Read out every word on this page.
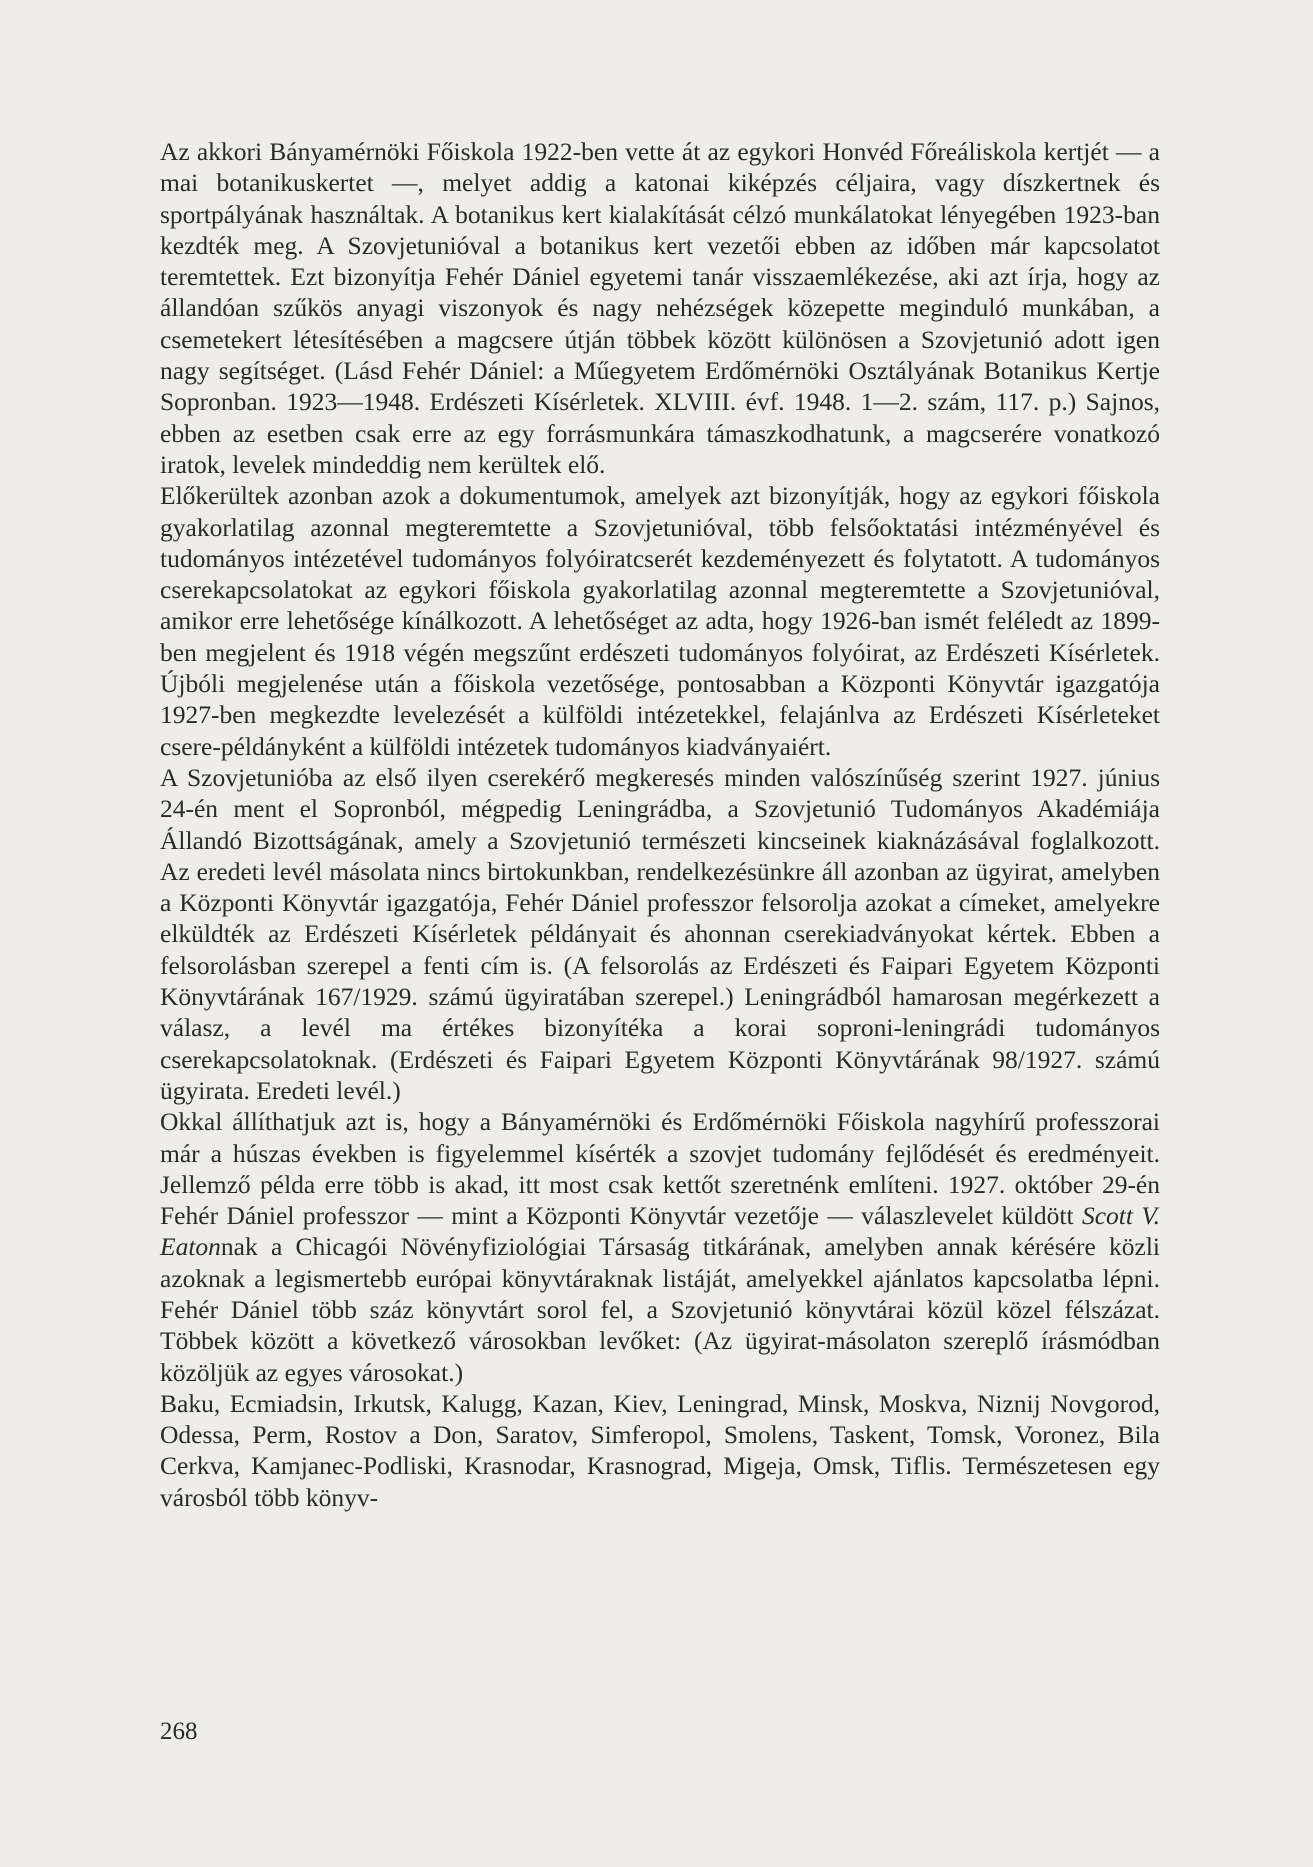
Az akkori Bányamérnöki Főiskola 1922-ben vette át az egykori Honvéd Főreáliskola kertjét — a mai botanikuskertet —, melyet addig a katonai kiképzés céljaira, vagy díszkertnek és sportpályának használtak. A botanikus kert kialakítását célzó munkálatokat lényegében 1923-ban kezdték meg. A Szovjetunióval a botanikus kert vezetői ebben az időben már kapcsolatot teremtettek. Ezt bizonyítja Fehér Dániel egyetemi tanár visszaemlékezése, aki azt írja, hogy az állandóan szűkös anyagi viszonyok és nagy nehézségek közepette meginduló munkában, a csemetekert létesítésében a magcsere útján többek között különösen a Szovjetunió adott igen nagy segítséget. (Lásd Fehér Dániel: a Műegyetem Erdőmérnöki Osztályának Botanikus Kertje Sopronban. 1923—1948. Erdészeti Kísérletek. XLVIII. évf. 1948. 1—2. szám, 117. p.) Sajnos, ebben az esetben csak erre az egy forrásmunkára támaszkodhatunk, a magcserére vonatkozó iratok, levelek mindeddig nem kerültek elő.

Előkerültek azonban azok a dokumentumok, amelyek azt bizonyítják, hogy az egykori főiskola gyakorlatilag azonnal megteremtette a Szovjetunióval, több felsőoktatási intézményével és tudományos intézetével tudományos folyóiratcserét kezdeményezett és folytatott. A tudományos cserekapcsolatokat az egykori főiskola gyakorlatilag azonnal megteremtette a Szovjetunióval, amikor erre lehetősége kínálkozott. A lehetőséget az adta, hogy 1926-ban ismét feléledt az 1899-ben megjelent és 1918 végén megszűnt erdészeti tudományos folyóirat, az Erdészeti Kísérletek. Újbóli megjelenése után a főiskola vezetősége, pontosabban a Központi Könyvtár igazgatója 1927-ben megkezdte levelezését a külföldi intézetekkel, felajánlva az Erdészeti Kísérleteket csere-példányként a külföldi intézetek tudományos kiadványaiért.

A Szovjetunióba az első ilyen cserekérő megkeresés minden valószínűség szerint 1927. június 24-én ment el Sopronból, mégpedig Leningrádba, a Szovjetunió Tudományos Akadémiája Állandó Bizottságának, amely a Szovjetunió természeti kincseinek kiaknázásával foglalkozott. Az eredeti levél másolata nincs birtokunkban, rendelkezésünkre áll azonban az ügyirat, amelyben a Központi Könyvtár igazgatója, Fehér Dániel professzor felsorolja azokat a címeket, amelyekre elküldték az Erdészeti Kísérletek példányait és ahonnan cserekiadványokat kértek. Ebben a felsorolásban szerepel a fenti cím is. (A felsorolás az Erdészeti és Faipari Egyetem Központi Könyvtárának 167/1929. számú ügyiratában szerepel.) Leningrádból hamarosan megérkezett a válasz, a levél ma értékes bizonyítéka a korai soproni-leningrádi tudományos cserekapcsolatoknak. (Erdészeti és Faipari Egyetem Központi Könyvtárának 98/1927. számú ügyirata. Eredeti levél.)

Okkal állíthatjuk azt is, hogy a Bányamérnöki és Erdőmérnöki Főiskola nagyhírű professzorai már a húszas években is figyelemmel kísérték a szovjet tudomány fejlődését és eredményeit. Jellemző példa erre több is akad, itt most csak kettőt szeretnénk említeni. 1927. október 29-én Fehér Dániel professzor — mint a Központi Könyvtár vezetője — válaszlevelet küldött Scott V. Eatonnak a Chicagói Növényfiziológiai Társaság titkárának, amelyben annak kérésére közli azoknak a legismertebb európai könyvtáraknak listáját, amelyekkel ajánlatos kapcsolatba lépni. Fehér Dániel több száz könyvtárt sorol fel, a Szovjetunió könyvtárai közül közel félszázat. Többek között a következő városokban levőket: (Az ügyirat-másolaton szereplő írásmódban közöljük az egyes városokat.)

Baku, Ecmiadsin, Irkutsk, Kalugg, Kazan, Kiev, Leningrad, Minsk, Moskva, Niznij Novgorod, Odessa, Perm, Rostov a Don, Saratov, Simferopol, Smolens, Taskent, Tomsk, Voronez, Bila Cerkva, Kamjanec-Podliski, Krasnodar, Krasnograd, Migeja, Omsk, Tiflis. Természetesen egy városból több könyv-

268
